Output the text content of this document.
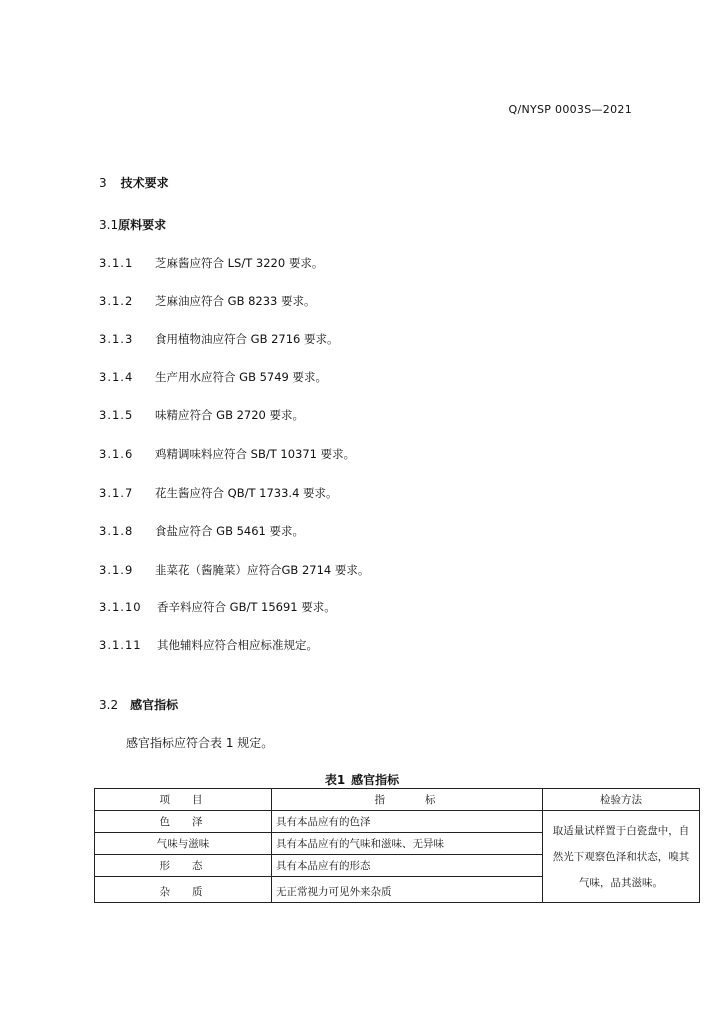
Q/NYSP 0003S—2021
3 技术要求
3.1原料要求
3.1.1 芝麻酱应符合 LS/T 3220 要求。
3.1.2 芝麻油应符合 GB 8233 要求。
3.1.3 食用植物油应符合 GB 2716 要求。
3.1.4 生产用水应符合 GB 5749 要求。
3.1.5 味精应符合 GB 2720 要求。
3.1.6 鸡精调味料应符合 SB/T 10371 要求。
3.1.7 花生酱应符合 QB/T 1733.4 要求。
3.1.8 食盐应符合 GB 5461 要求。
3.1.9 韭菜花（酱腌菜）应符合GB 2714 要求。
3.1.10 香辛料应符合 GB/T 15691 要求。
3.1.11 其他辅料应符合相应标准规定。
3.2 感官指标
感官指标应符合表 1 规定。
表1 感官指标
项目	指标	检验方法
色泽	具有本品应有的色泽	取适量试样置于白瓷盘中，自然光下观察色泽和状态，嗅其气味，品其滋味。
气味与滋味	具有本品应有的气味和滋味、无异味	
形态	具有本品应有的形态	
杂质	无正常视力可见外来杂质	
